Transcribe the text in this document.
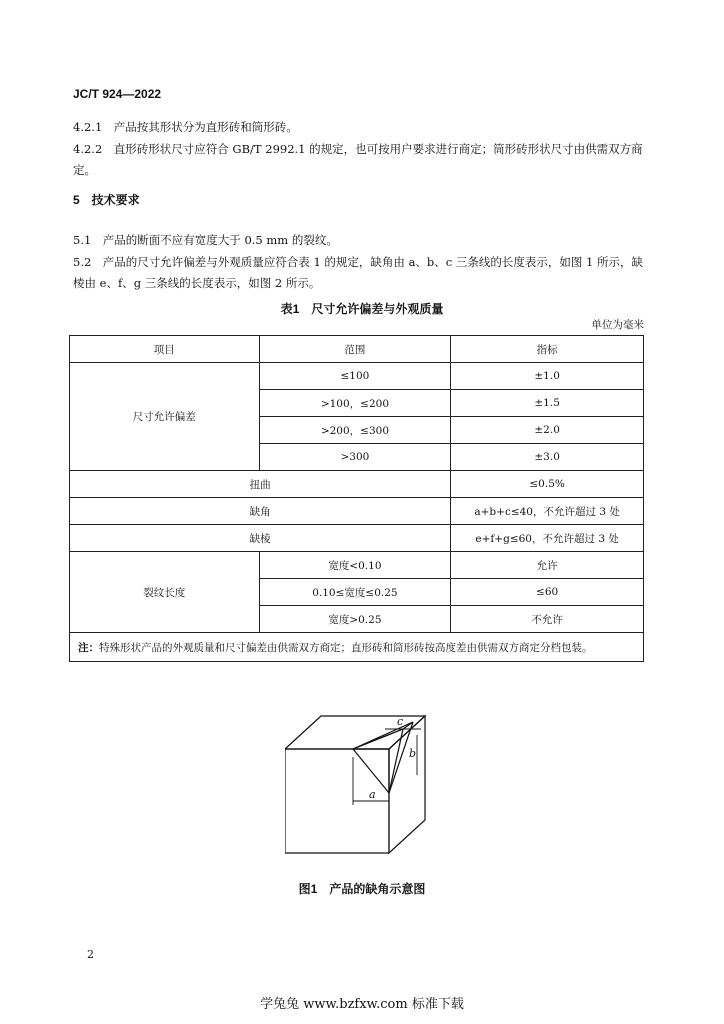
JC/T 924—2022
4.2.1　产品按其形状分为直形砖和筒形砖。
4.2.2　直形砖形状尺寸应符合 GB/T 2992.1 的规定，也可按用户要求进行商定；筒形砖形状尺寸由供需双方商定。
5　技术要求
5.1　产品的断面不应有宽度大于 0.5 mm 的裂纹。
5.2　产品的尺寸允许偏差与外观质量应符合表 1 的规定，缺角由 a、b、c 三条线的长度表示，如图 1 所示，缺棱由 e、f、g 三条线的长度表示，如图 2 所示。
表1　尺寸允许偏差与外观质量
单位为毫米
项目	范围	指标
尺寸允许偏差	≤100	±1.0
	>100，≤200	±1.5
	>200，≤300	±2.0
	>300	±3.0
扭曲		≤0.5%
缺角		a+b+c≤40，不允许超过 3 处
缺棱		e+f+g≤60，不允许超过 3 处
裂纹长度	宽度<0.10	允许
	0.10≤宽度≤0.25	≤60
	宽度>0.25	不允许
注：特殊形状产品的外观质量和尺寸偏差由供需双方商定；直形砖和筒形砖按高度差由供需双方商定分档包装。		
a
c
b
图1　产品的缺角示意图
2
学兔兔 www.bzfxw.com 标准下载
